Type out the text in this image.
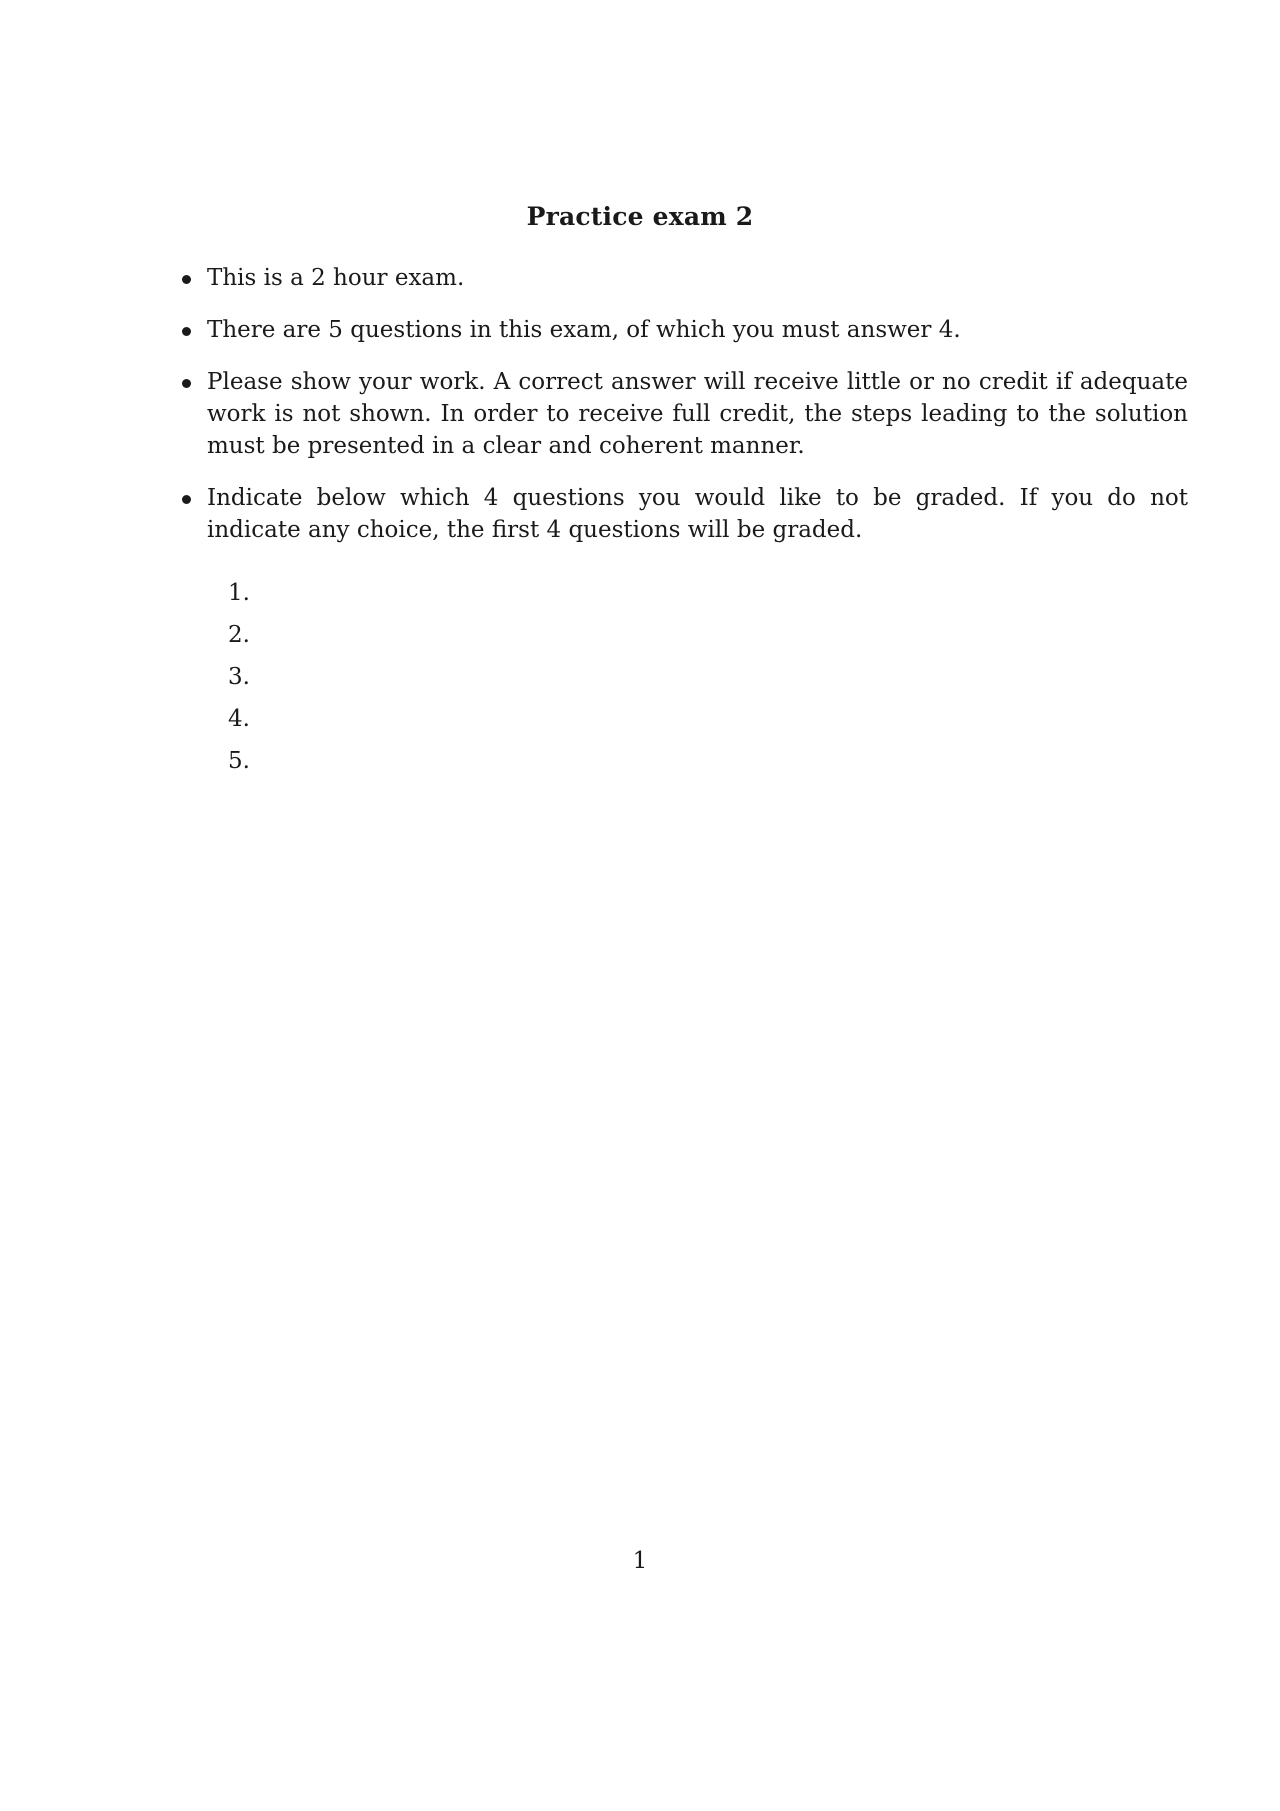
Practice exam 2
This is a 2 hour exam.
There are 5 questions in this exam, of which you must answer 4.
Please show your work. A correct answer will receive little or no credit if adequate work is not shown. In order to receive full credit, the steps leading to the solution must be presented in a clear and coherent manner.
Indicate below which 4 questions you would like to be graded. If you do not indicate any choice, the first 4 questions will be graded.
1.
2.
3.
4.
5.
1
